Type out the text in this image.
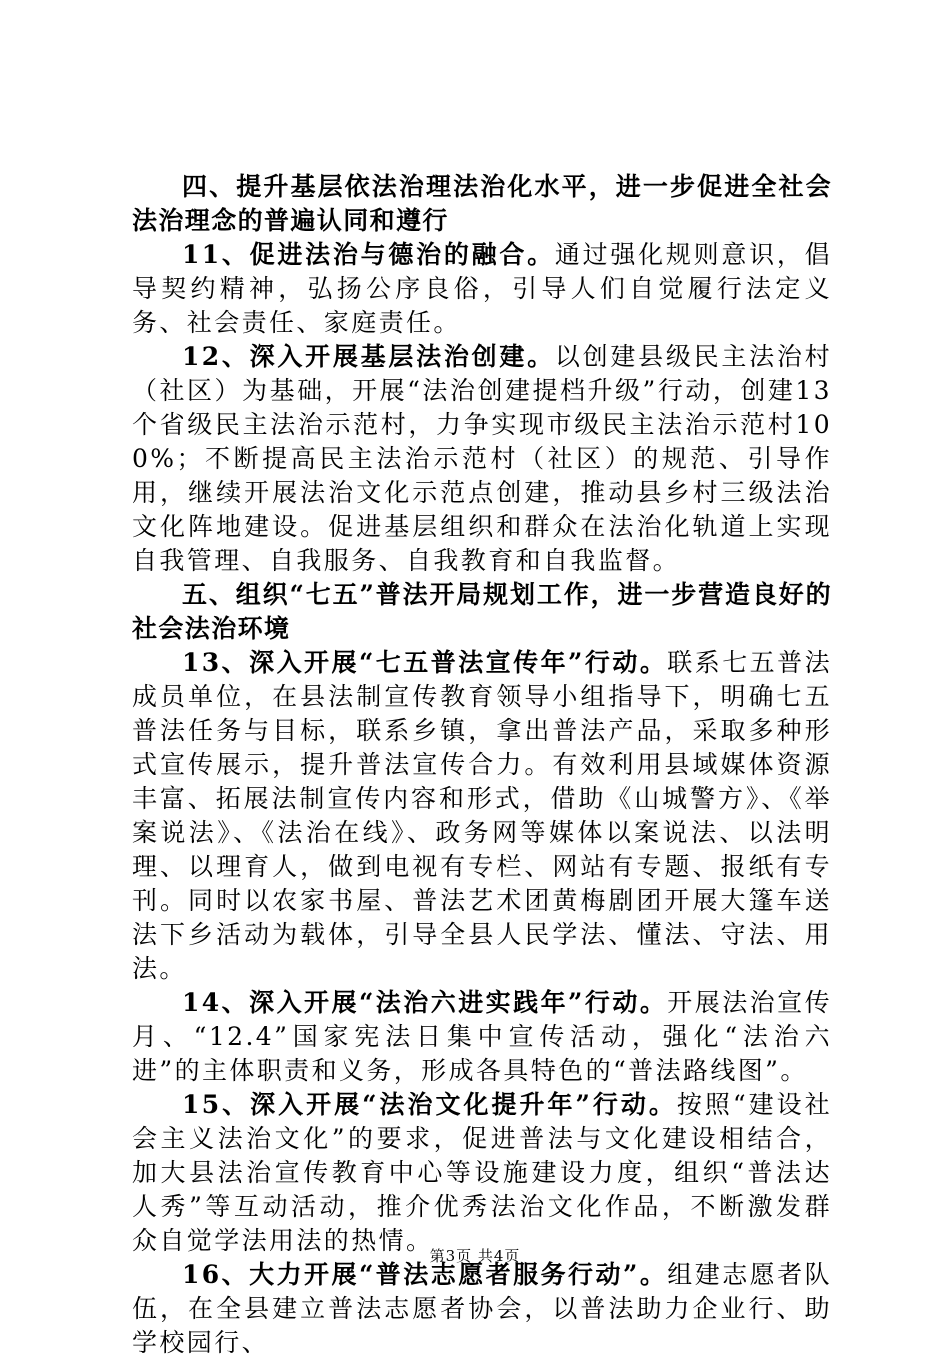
四、提升基层依法治理法治化水平，进一步促进全社会法治理念的普遍认同和遵行

11、促进法治与德治的融合。通过强化规则意识，倡导契约精神，弘扬公序良俗，引导人们自觉履行法定义务、社会责任、家庭责任。

12、深入开展基层法治创建。以创建县级民主法治村（社区）为基础，开展“法治创建提档升级”行动，创建13个省级民主法治示范村，力争实现市级民主法治示范村100%；不断提高民主法治示范村（社区）的规范、引导作用，继续开展法治文化示范点创建，推动县乡村三级法治文化阵地建设。促进基层组织和群众在法治化轨道上实现自我管理、自我服务、自我教育和自我监督。

五、组织“七五”普法开局规划工作，进一步营造良好的社会法治环境

13、深入开展“七五普法宣传年”行动。联系七五普法成员单位，在县法制宣传教育领导小组指导下，明确七五普法任务与目标，联系乡镇，拿出普法产品，采取多种形式宣传展示，提升普法宣传合力。有效利用县域媒体资源丰富、拓展法制宣传内容和形式，借助《山城警方》、《举案说法》、《法治在线》、政务网等媒体以案说法、以法明理、以理育人，做到电视有专栏、网站有专题、报纸有专刊。同时以农家书屋、普法艺术团黄梅剧团开展大篷车送法下乡活动为载体，引导全县人民学法、懂法、守法、用法。

14、深入开展“法治六进实践年”行动。开展法治宣传月、“12.4”国家宪法日集中宣传活动，强化“法治六进”的主体职责和义务，形成各具特色的“普法路线图”。

15、深入开展“法治文化提升年”行动。按照“建设社会主义法治文化”的要求，促进普法与文化建设相结合，加大县法治宣传教育中心等设施建设力度，组织“普法达人秀”等互动活动，推介优秀法治文化作品，不断激发群众自觉学法用法的热情。

16、大力开展“普法志愿者服务行动”。组建志愿者队伍，在全县建立普法志愿者协会，以普法助力企业行、助学校园行、

第3页 共4页
